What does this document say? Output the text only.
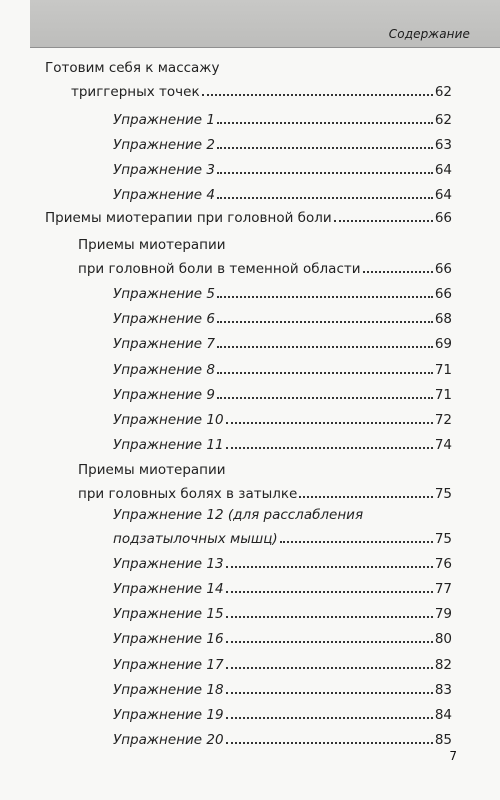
Содержание
Готовим себя к массажу
триггерных точек	62
Упражнение 1	62
Упражнение 2	63
Упражнение 3	64
Упражнение 4	64
Приемы миотерапии при головной боли	66
Приемы миотерапии
при головной боли в теменной области	66
Упражнение 5	66
Упражнение 6	68
Упражнение 7	69
Упражнение 8	71
Упражнение 9	71
Упражнение 10	72
Упражнение 11	74
Приемы миотерапии
при головных болях в затылке	75
Упражнение 12 (для расслабления
подзатылочных мышц)	75
Упражнение 13	76
Упражнение 14	77
Упражнение 15	79
Упражнение 16	80
Упражнение 17	82
Упражнение 18	83
Упражнение 19	84
Упражнение 20	85
7
